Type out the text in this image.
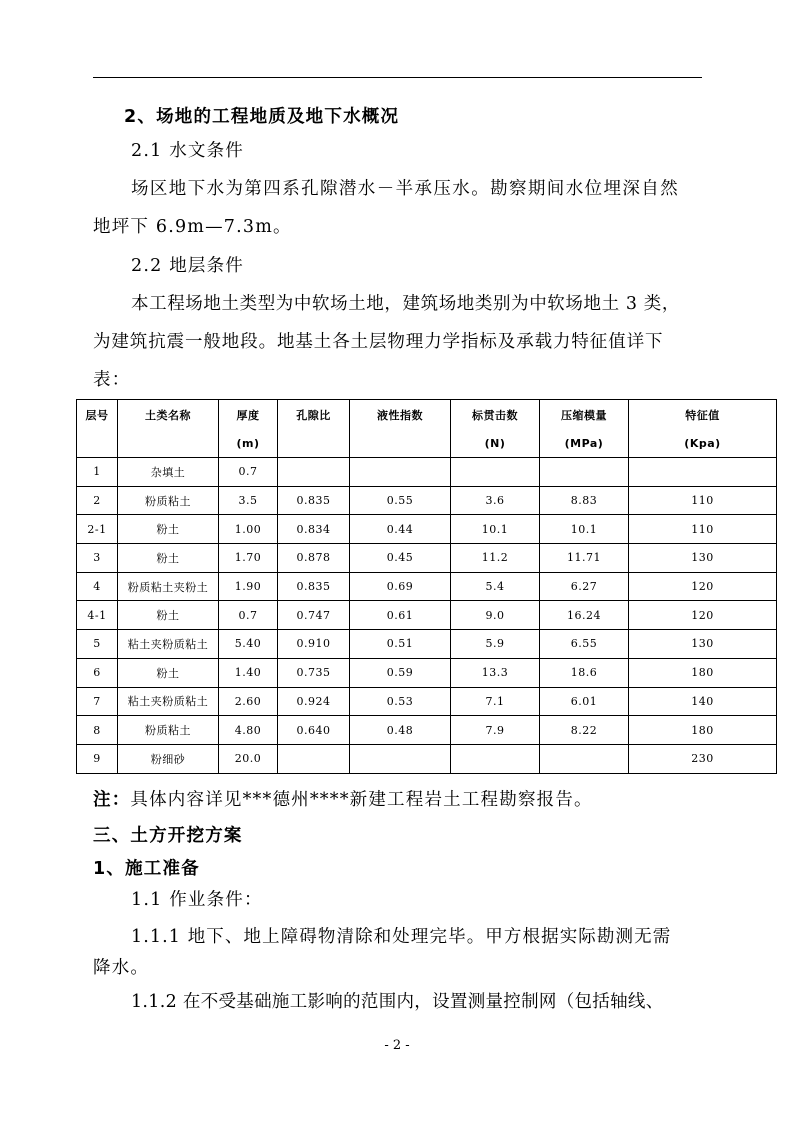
2、场地的工程地质及地下水概况
2.1 水文条件
场区地下水为第四系孔隙潜水－半承压水。勘察期间水位埋深自然
地坪下 6.9m—7.3m。
2.2 地层条件
本工程场地土类型为中软场土地，建筑场地类别为中软场地土 3 类，
为建筑抗震一般地段。地基土各土层物理力学指标及承载力特征值详下
表：
层号	土类名称	厚度	孔隙比	液性指数	标贯击数	压缩模量	特征值
		(m)			(N)	(MPa)	(Kpa)
1	杂填土	0.7					
2	粉质粘土	3.5	0.835	0.55	3.6	8.83	110
2-1	粉土	1.00	0.834	0.44	10.1	10.1	110
3	粉土	1.70	0.878	0.45	11.2	11.71	130
4	粉质粘土夹粉土	1.90	0.835	0.69	5.4	6.27	120
4-1	粉土	0.7	0.747	0.61	9.0	16.24	120
5	粘土夹粉质粘土	5.40	0.910	0.51	5.9	6.55	130
6	粉土	1.40	0.735	0.59	13.3	18.6	180
7	粘土夹粉质粘土	2.60	0.924	0.53	7.1	6.01	140
8	粉质粘土	4.80	0.640	0.48	7.9	8.22	180
9	粉细砂	20.0					230
注：具体内容详见***德州****新建工程岩土工程勘察报告。
三、土方开挖方案
1、施工准备
1.1 作业条件：
1.1.1 地下、地上障碍物清除和处理完毕。甲方根据实际勘测无需
降水。
1.1.2 在不受基础施工影响的范围内，设置测量控制网（包括轴线、
- 2 -
